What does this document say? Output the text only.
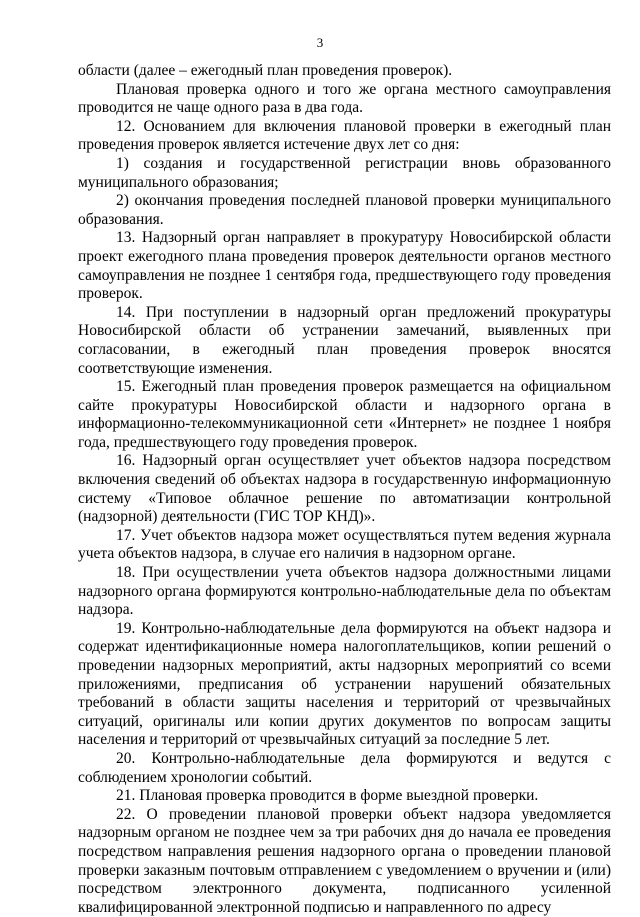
3

области (далее – ежегодный план проведения проверок).

Плановая проверка одного и того же органа местного самоуправления проводится не чаще одного раза в два года.

12. Основанием для включения плановой проверки в ежегодный план проведения проверок является истечение двух лет со дня:

1) создания и государственной регистрации вновь образованного муниципального образования;

2) окончания проведения последней плановой проверки муниципального образования.

13. Надзорный орган направляет в прокуратуру Новосибирской области проект ежегодного плана проведения проверок деятельности органов местного самоуправления не позднее 1 сентября года, предшествующего году проведения проверок.

14. При поступлении в надзорный орган предложений прокуратуры Новосибирской области об устранении замечаний, выявленных при согласовании, в ежегодный план проведения проверок вносятся соответствующие изменения.

15. Ежегодный план проведения проверок размещается на официальном сайте прокуратуры Новосибирской области и надзорного органа в информационно-телекоммуникационной сети «Интернет» не позднее 1 ноября года, предшествующего году проведения проверок.

16. Надзорный орган осуществляет учет объектов надзора посредством включения сведений об объектах надзора в государственную информационную систему «Типовое облачное решение по автоматизации контрольной (надзорной) деятельности (ГИС ТОР КНД)».

17. Учет объектов надзора может осуществляться путем ведения журнала учета объектов надзора, в случае его наличия в надзорном органе.

18. При осуществлении учета объектов надзора должностными лицами надзорного органа формируются контрольно-наблюдательные дела по объектам надзора.

19. Контрольно-наблюдательные дела формируются на объект надзора и содержат идентификационные номера налогоплательщиков, копии решений о проведении надзорных мероприятий, акты надзорных мероприятий со всеми приложениями, предписания об устранении нарушений обязательных требований в области защиты населения и территорий от чрезвычайных ситуаций, оригиналы или копии других документов по вопросам защиты населения и территорий от чрезвычайных ситуаций за последние 5 лет.

20. Контрольно-наблюдательные дела формируются и ведутся с соблюдением хронологии событий.

21. Плановая проверка проводится в форме выездной проверки.

22. О проведении плановой проверки объект надзора уведомляется надзорным органом не позднее чем за три рабочих дня до начала ее проведения посредством направления решения надзорного органа о проведении плановой проверки заказным почтовым отправлением с уведомлением о вручении и (или) посредством электронного документа, подписанного усиленной квалифицированной электронной подписью и направленного по адресу
